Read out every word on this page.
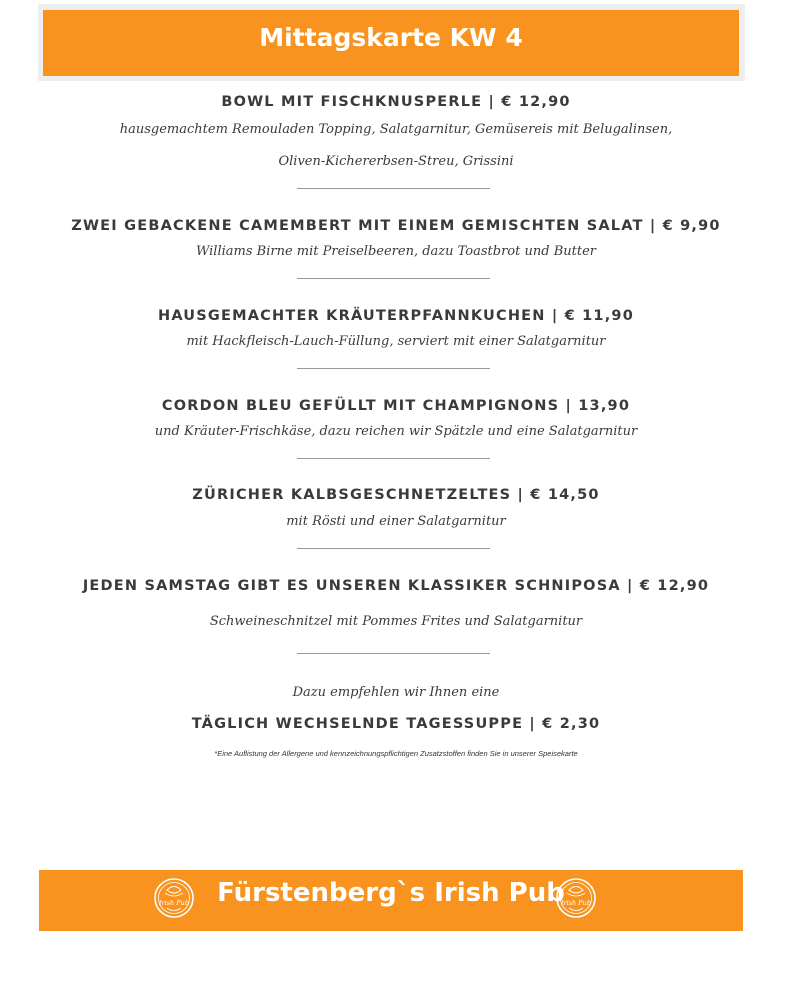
Mittagskarte KW 4
BOWL MIT FISCHKNUSPERLE | € 12,90
hausgemachtem Remouladen Topping, Salatgarnitur, Gemüsereis mit Belugalinsen,
Oliven-Kichererbsen-Streu, Grissini
ZWEI GEBACKENE CAMEMBERT MIT EINEM GEMISCHTEN SALAT | € 9,90
Williams Birne mit Preiselbeeren, dazu Toastbrot und Butter
HAUSGEMACHTER KRÄUTERPFANNKUCHEN | € 11,90
mit Hackfleisch-Lauch-Füllung, serviert mit einer Salatgarnitur
CORDON BLEU GEFÜLLT MIT CHAMPIGNONS | 13,90
und Kräuter-Frischkäse, dazu reichen wir Spätzle und eine Salatgarnitur
ZÜRICHER KALBSGESCHNETZELTES | € 14,50
mit Rösti und einer Salatgarnitur
JEDEN SAMSTAG GIBT ES UNSEREN KLASSIKER SCHNIPOSA | € 12,90
Schweineschnitzel mit Pommes Frites und Salatgarnitur
Dazu empfehlen wir Ihnen eine
TÄGLICH WECHSELNDE TAGESSUPPE | € 2,30
*Eine Auflistung der Allergene und kennzeichnungspflichtigen Zusatzstoffen finden Sie in unserer Speisekarte
Irish Pub	Fürstenberg`s Irish Pub
Irish Pub
